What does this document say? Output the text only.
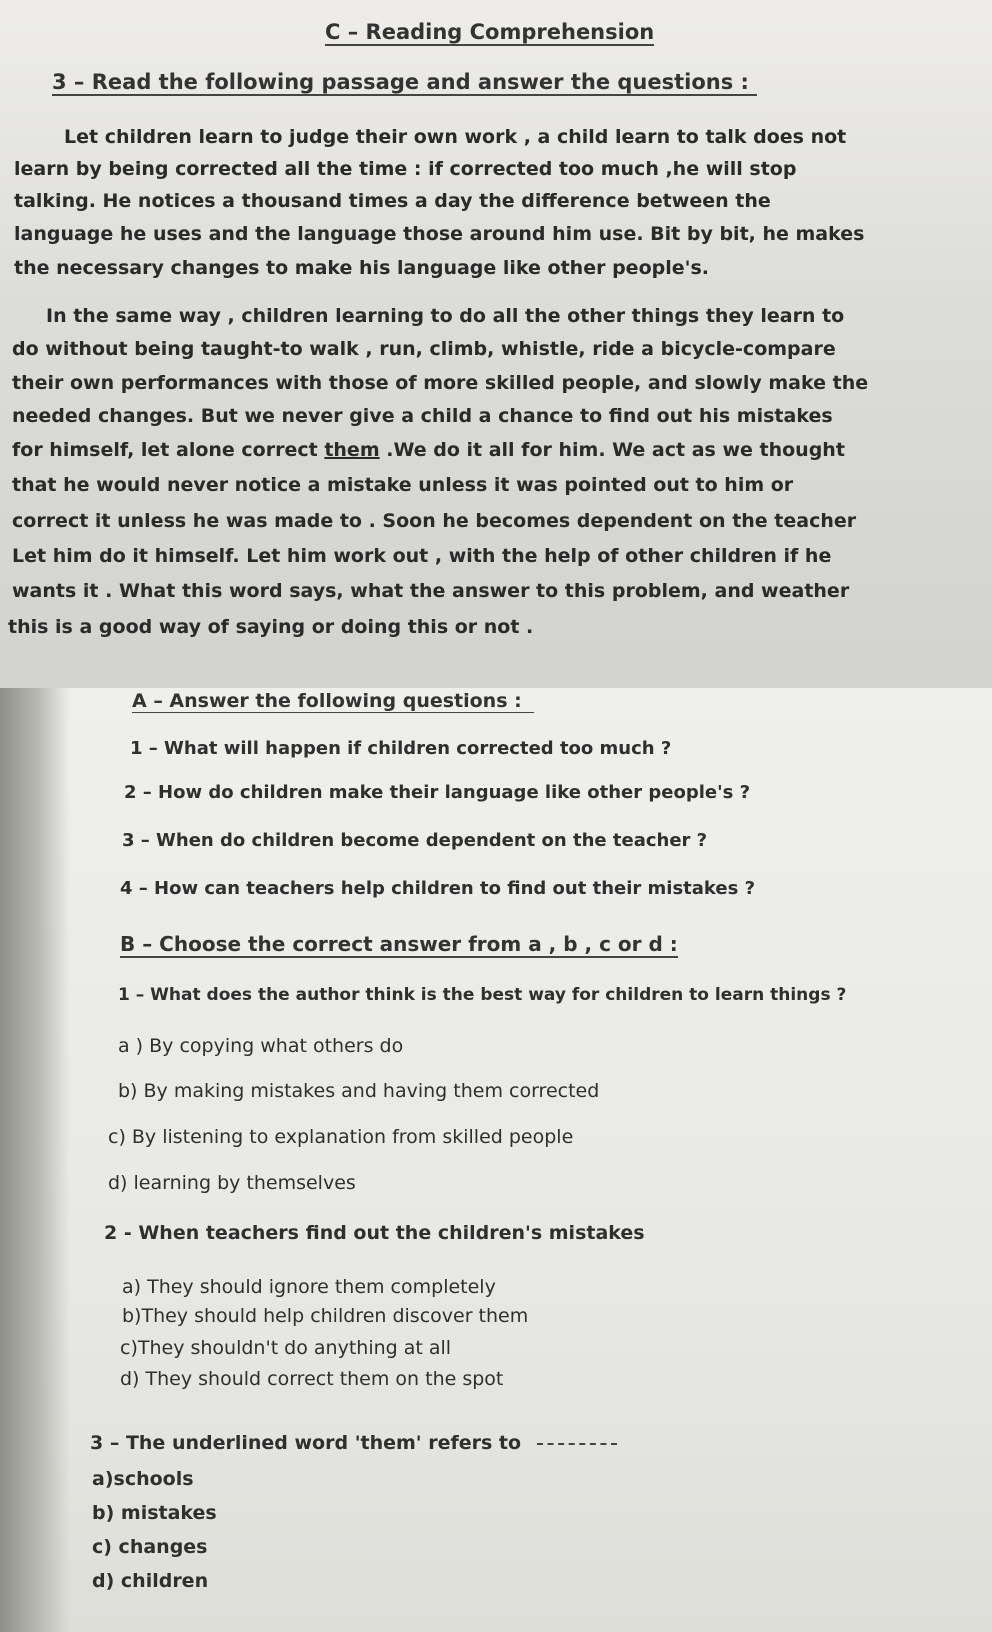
C – Reading Comprehension
3 – Read the following passage and answer the questions :
Let children learn to judge their own work , a child learn to talk does not
learn by being corrected all the time : if corrected too much ,he will stop
talking. He notices a thousand times a day the difference between the
language he uses and the language those around him use. Bit by bit, he makes
the necessary changes to make his language like other people's.
In the same way , children learning to do all the other things they learn to
do without being taught-to walk , run, climb, whistle, ride a bicycle-compare
their own performances with those of more skilled people, and slowly make the
needed changes. But we never give a child a chance to find out his mistakes
for himself, let alone correct them .We do it all for him. We act as we thought
that he would never notice a mistake unless it was pointed out to him or
correct it unless he was made to . Soon he becomes dependent on the teacher
Let him do it himself. Let him work out , with the help of other children if he
wants it . What this word says, what the answer to this problem, and weather
this is a good way of saying or doing this or not .
A – Answer the following questions :
1 – What will happen if children corrected too much ?
2 – How do children make their language like other people's ?
3 – When do children become dependent on the teacher ?
4 – How can teachers help children to find out their mistakes ?
B – Choose the correct answer from a , b , c or d :
1 – What does the author think is the best way for children to learn things ?
a ) By copying what others do
b) By making mistakes and having them corrected
c) By listening to explanation from skilled people
d) learning by themselves
2 - When teachers find out the children's mistakes
a) They should ignore them completely
b)They should help children discover them
c)They shouldn't do anything at all
d) They should correct them on the spot
3 – The underlined word 'them' refers to
a)schools
b) mistakes
c) changes
d) children
